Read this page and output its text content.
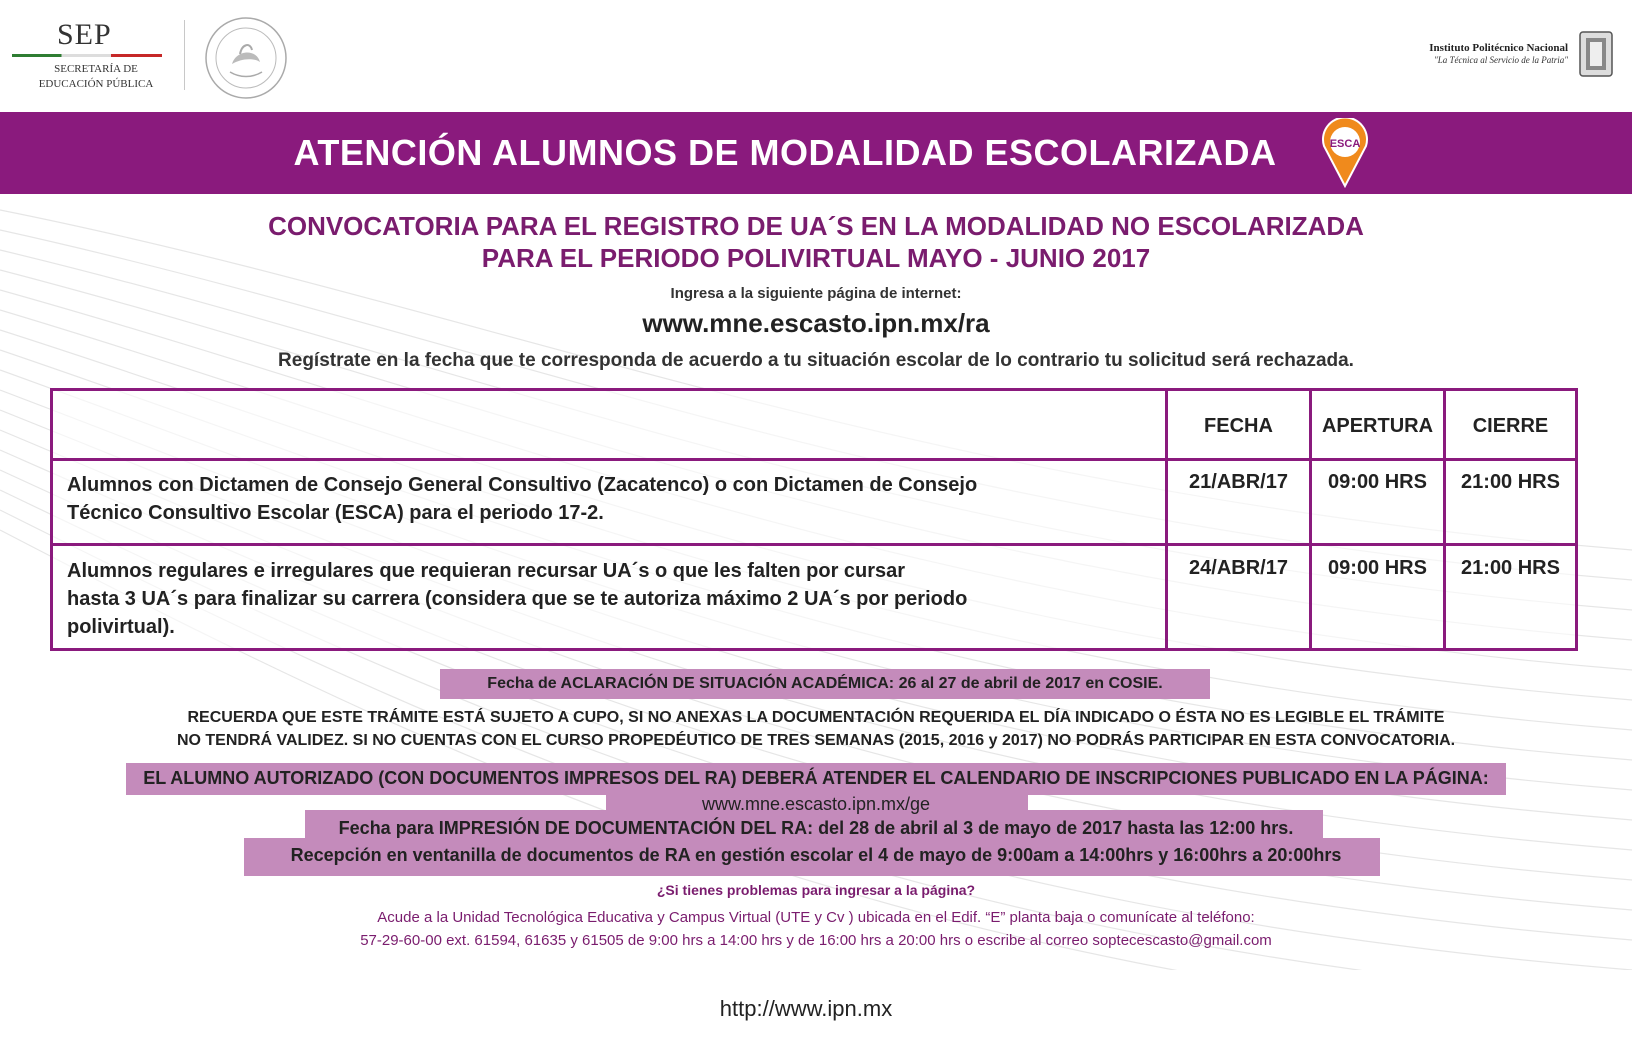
SEP
SECRETARÍA DE
EDUCACIÓN PÚBLICA
Instituto Politécnico Nacional
"La Técnica al Servicio de la Patria"
ATENCIÓN ALUMNOS DE MODALIDAD ESCOLARIZADA	ESCA
CONVOCATORIA PARA EL REGISTRO DE UA´S EN LA MODALIDAD NO ESCOLARIZADA
PARA EL PERIODO POLIVIRTUAL MAYO - JUNIO 2017
Ingresa a la siguiente página de internet:
www.mne.escasto.ipn.mx/ra
Regístrate en la fecha que te corresponda de acuerdo a tu situación escolar de lo contrario tu solicitud será rechazada.
FECHA	APERTURA	CIERRE
Alumnos con Dictamen de Consejo General Consultivo (Zacatenco) o con Dictamen de Consejo
Técnico Consultivo Escolar (ESCA) para el periodo 17-2.
21/ABR/17	09:00 HRS	21:00 HRS
Alumnos regulares e irregulares que requieran recursar UA´s o que les falten por cursar
hasta 3 UA´s para finalizar su carrera (considera que se te autoriza máximo 2 UA´s por periodo
polivirtual).
24/ABR/17	09:00 HRS	21:00 HRS
Fecha de ACLARACIÓN DE SITUACIÓN ACADÉMICA: 26 al 27 de abril de 2017 en COSIE.
RECUERDA QUE ESTE TRÁMITE ESTÁ SUJETO A CUPO, SI NO ANEXAS LA DOCUMENTACIÓN REQUERIDA EL DÍA INDICADO O ÉSTA NO ES LEGIBLE EL TRÁMITE
NO TENDRÁ VALIDEZ. SI NO CUENTAS CON EL CURSO PROPEDÉUTICO DE TRES SEMANAS (2015, 2016 y 2017) NO PODRÁS PARTICIPAR EN ESTA CONVOCATORIA.
EL ALUMNO AUTORIZADO (CON DOCUMENTOS IMPRESOS DEL RA) DEBERÁ ATENDER EL CALENDARIO DE INSCRIPCIONES PUBLICADO EN LA PÁGINA:
www.mne.escasto.ipn.mx/ge
Fecha para IMPRESIÓN DE DOCUMENTACIÓN DEL RA: del 28 de abril al 3 de mayo de 2017 hasta las 12:00 hrs.
Recepción en ventanilla de documentos de RA en gestión escolar el 4 de mayo de 9:00am a 14:00hrs y 16:00hrs a 20:00hrs
¿Si tienes problemas para ingresar a la página?
Acude a la Unidad Tecnológica Educativa y Campus Virtual (UTE y Cv ) ubicada en el Edif. “E” planta baja o comunícate al teléfono:
57-29-60-00 ext. 61594, 61635 y 61505 de 9:00 hrs a 14:00 hrs y de 16:00 hrs a 20:00 hrs o escribe al correo soptecescasto@gmail.com
http://www.ipn.mx
